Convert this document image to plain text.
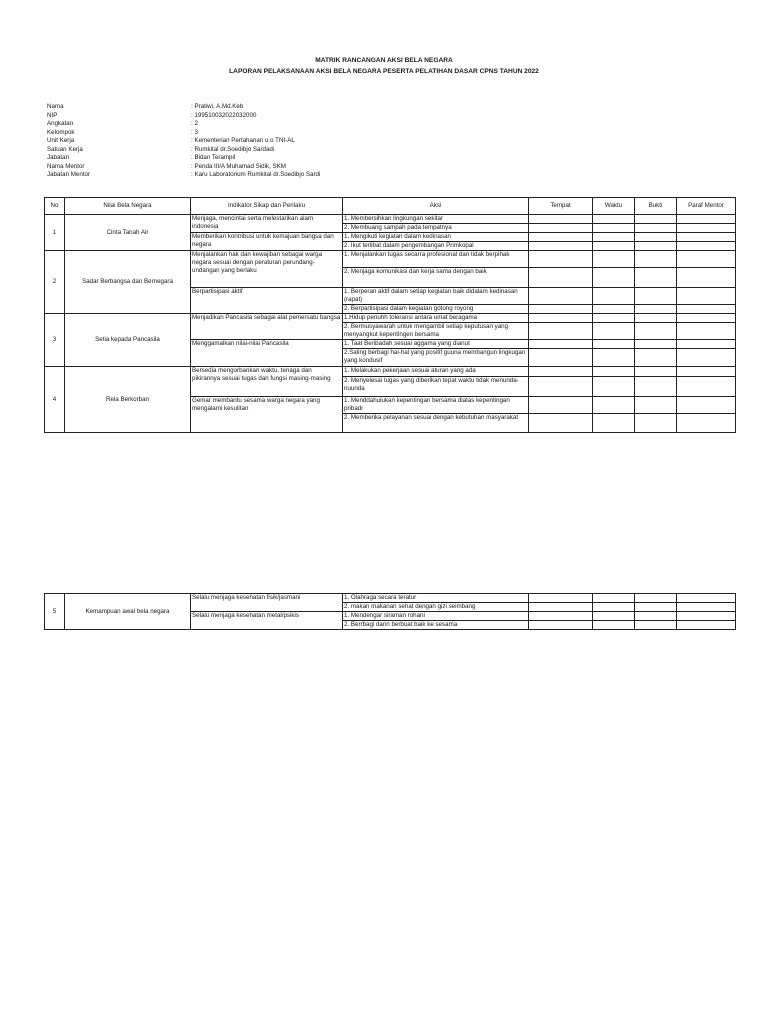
MATRIK RANCANGAN AKSI BELA NEGARA
LAPORAN PELAKSANAAN AKSI BELA NEGARA PESERTA PELATIHAN DASAR CPNS TAHUN 2022
Nama	: Pratiwi, A.Md.Keb
NIP	: 199510032022032000
Angkatan	: 2
Kelompok	: 3
Unit Kerja	: Kementerian Pertahanan u.o TNI-AL
Satuan Kerja	: Rumkital dr.Soedibjo Sardadi
Jabatan	: Bidan Terampil
Nama Mentor	: Penda III/A Muhamad Sidik, SKM
Jabatan Mentor	: Karu Laboratorium Rumkital dr.Soedibjo Sardi
No	Nilai Bela Negara	Indikator Sikap dan Perilaku	Aksi	Tempat	Waktu	Bukti	Paraf Mentor
1	Cinta Tanah Air	Menjaga, mencintai serta melestarikan alam indonesia	1. Membersihkan lingkungan sekitar				
			2. Membuang sampah pada tempatnya				
		Memberikan kontribusi untuk kemajuan bangsa dan negara	1. Mengikuti kegiatan dalam kedinasan				
			2. Ikut terlibat dalam pengembangan Primkopal				
2	Sadar Berbangsa dan Bernegara	Menjalankan hak dan kewajiban sebagai warga negara sesuai dengan peraturan perundang-undangan yang berlaku	1. Menjalankan tugas secarra profesional dan tidak berpihak				
			2. Menjaga komunikasi dan kerja sama dengan baik				
		Berpartisipasi aktif	1. Berperan aktif dalam setiap kegiatan baik didalam kedinasan (rapat)				
			2. Berpartisipasi dalam kegiatan gotong royong				
3	Setia kepada Pancasila	Menjadikan Pancasila sebagai alat pemersatu bangsa	1.Hidup penuhh toleransi antara umat beragama				
			2. Bermusyawarah untuk mengambil setiap keputusan yang menyangkut kepentingen bersama				
		Menggamalkan nilai-nilai Pancasila	1. Taat Beribadah sesuai aggama yang dianut				
			2.Saling berbagi hal-hal yang positif guuna membangun lingkugan yang kondusif				
4	Rela Berkorban	Bersedia mengorbankan waktu, tenaga dan pikirannya sesuai tugas dan fungsi masing-masing	1. Melakukan pekerjaan sesuai aturan yang ada				
			2. Menyelesai tugas yang diberikan tepat waktu tidak menunda-nuunda				
		Gemar membantu sesama warga negara yang mengalami kesulitan	1. Menddahulukan kepentingan bersama diatas kepentingan pribadi				
			2. Memberika pelayanan sesuai dengan kebutuhan masyarakat				
5	Kemampuan awal bela negara	Selalu menjaga kesehatan fisik/jasmani	1. Olahraga secara teratur				
			2. makan makanan sehat dengan gizi seimbang				
		Selalu menjaga kesehatan metal/psikis	1. Mendengar siraman rohani				
			2. Berrbagi dann berbuat baik ke sesama				
